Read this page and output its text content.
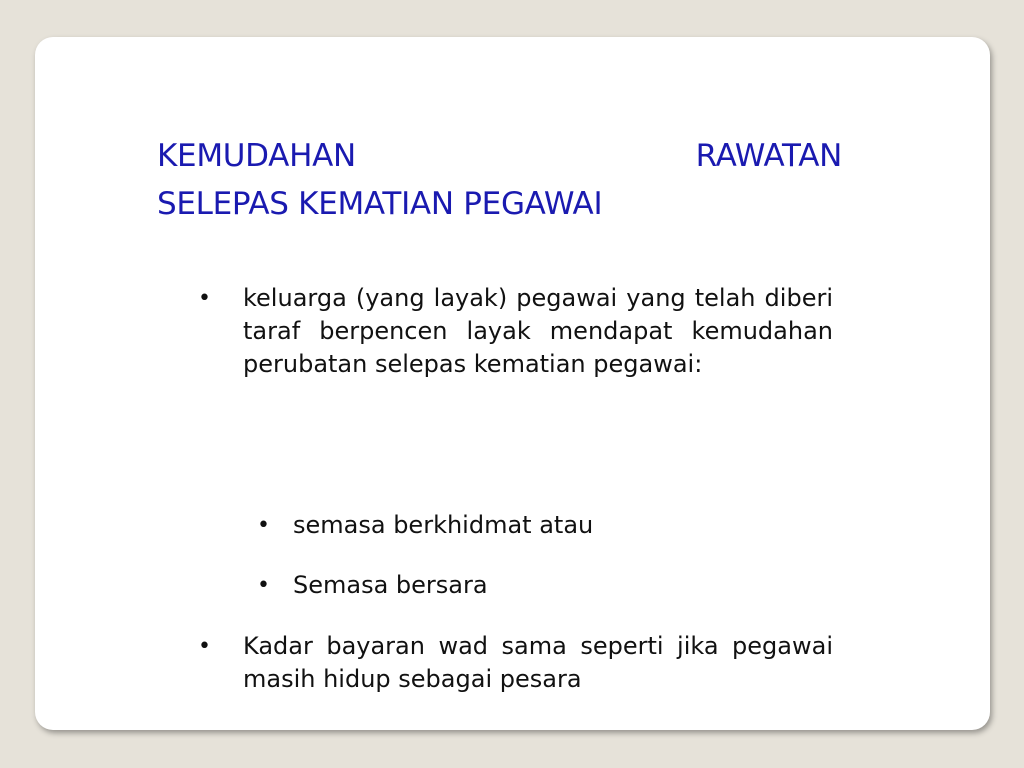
KEMUDAHAN RAWATAN
SELEPAS KEMATIAN PEGAWAI
• keluarga (yang layak) pegawai yang telah diberi taraf berpencen layak mendapat kemudahan perubatan selepas kematian pegawai:
• semasa berkhidmat atau
• Semasa bersara
• Kadar bayaran wad sama seperti jika pegawai masih hidup sebagai pesara
